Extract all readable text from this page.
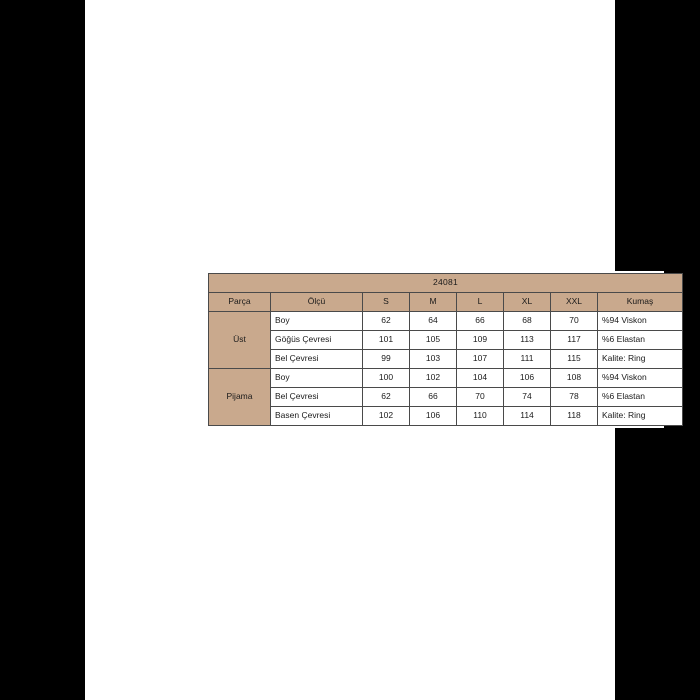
24081							
Parça	Ölçü	S	M	L	XL	XXL	Kumaş
Üst	Boy	62	64	66	68	70	%94 Viskon
	Göğüs Çevresi	101	105	109	113	117	%6 Elastan
	Bel Çevresi	99	103	107	111	115	Kalite: Ring
Pijama	Boy	100	102	104	106	108	%94 Viskon
	Bel Çevresi	62	66	70	74	78	%6 Elastan
	Basen Çevresi	102	106	110	114	118	Kalite: Ring
